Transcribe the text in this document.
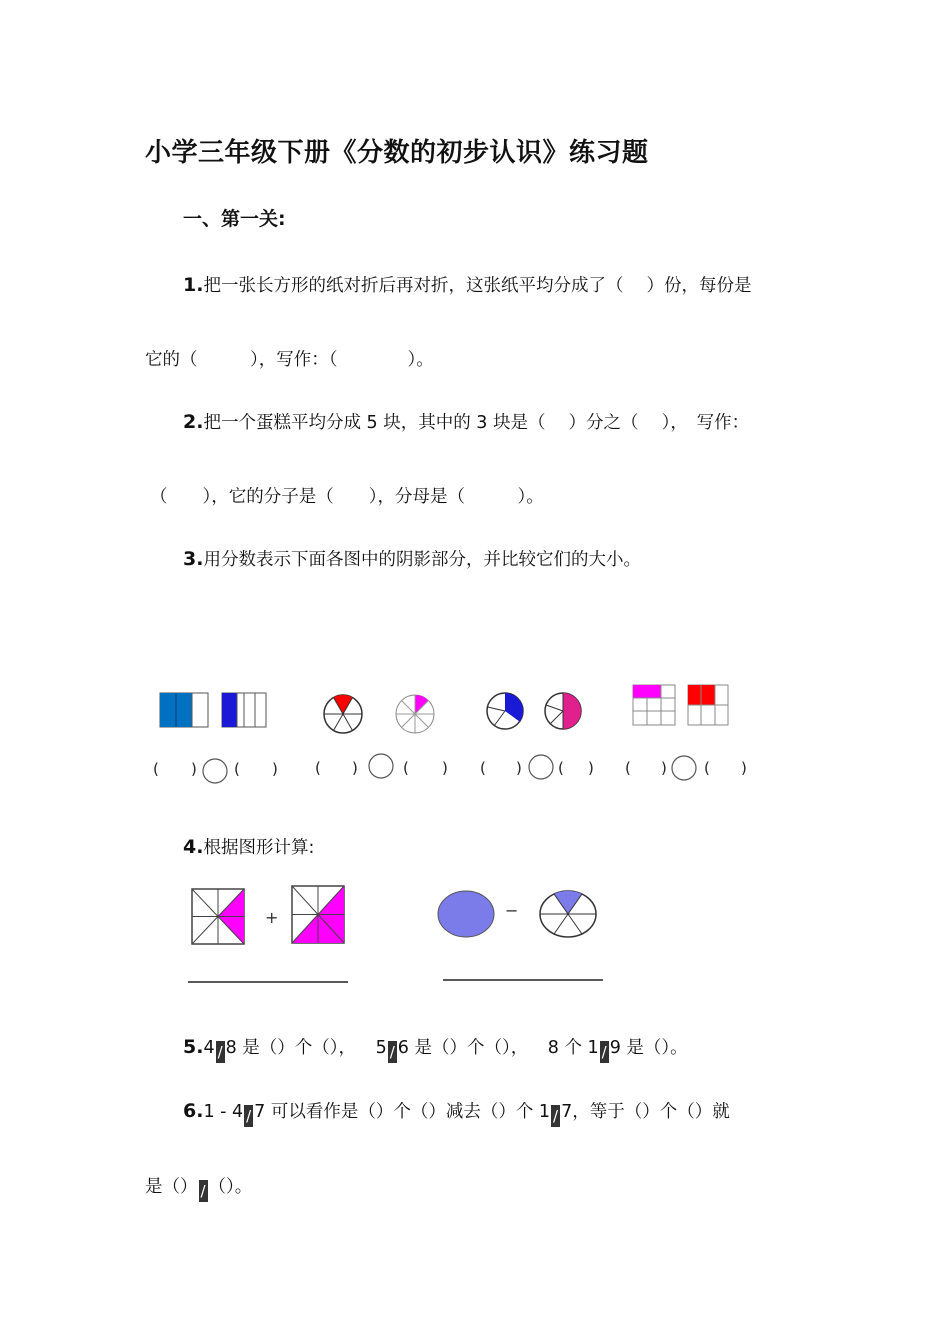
小学三年级下册《分数的初步认识》练习题
一、第一关:
1.把一张长方形的纸对折后再对折，这张纸平均分成了（　 ）份，每份是
它的（　　　），写作：（　　　　）。
2.把一个蛋糕平均分成 5 块，其中的 3 块是（　 ）分之（　 ），　写作：
（　　），它的分子是（　　），分母是（　　　）。
3.用分数表示下面各图中的阴影部分，并比较它们的大小。
( ) ( ) ( )	( ) ( ) ( ) ( ) ( )
4.根据图形计算:
+	−
5.4 / 8 是（）个（）， 5 / 6 是（）个（）， 8 个 1 / 9 是（）。
6.1 - 4 / 7 可以看作是（）个（）减去（）个 1 / 7，等于（）个（）就
是（） / （）。
